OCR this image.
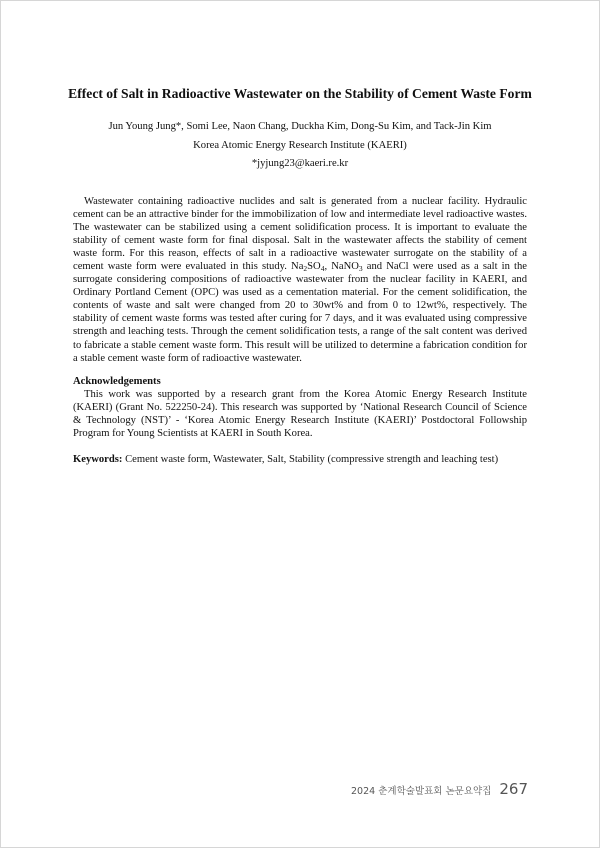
Effect of Salt in Radioactive Wastewater on the Stability of Cement Waste Form
Jun Young Jung*, Somi Lee, Naon Chang, Duckha Kim, Dong-Su Kim, and Tack-Jin Kim
Korea Atomic Energy Research Institute (KAERI)
*jyjung23@kaeri.re.kr

Wastewater containing radioactive nuclides and salt is generated from a nuclear facility. Hydraulic cement can be an attractive binder for the immobilization of low and intermediate level radioactive wastes. The wastewater can be stabilized using a cement solidification process. It is important to evaluate the stability of cement waste form for final disposal. Salt in the wastewater affects the stability of cement waste form. For this reason, effects of salt in a radioactive wastewater surrogate on the stability of a cement waste form were evaluated in this study. $Na_2SO_4$, NaNO$_3$ and NaCl were used as a salt in the surrogate considering compositions of radioactive wastewater from the nuclear facility in KAERI, and Ordinary Portland Cement (OPC) was used as a cementation material. For the cement solidification, the contents of waste and salt were changed from 20 to 30wt% and from 0 to 12wt%, respectively. The stability of cement waste forms was tested after curing for 7 days, and it was evaluated using compressive strength and leaching tests. Through the cement solidification tests, a range of the salt content was derived to fabricate a stable cement waste form. This result will be utilized to determine a fabrication condition for a stable cement waste form of radioactive wastewater.

Acknowledgements

This work was supported by a research grant from the Korea Atomic Energy Research Institute (KAERI) (Grant No. 522250-24). This research was supported by ‘National Research Council of Science & Technology (NST)’ - ‘Korea Atomic Energy Research Institute (KAERI)’ Postdoctoral Followship Program for Young Scientists at KAERI in South Korea.

Keywords: Cement waste form, Wastewater, Salt, Stability (compressive strength and leaching test)
2024 춘계학술발표회 논문요약집 267
